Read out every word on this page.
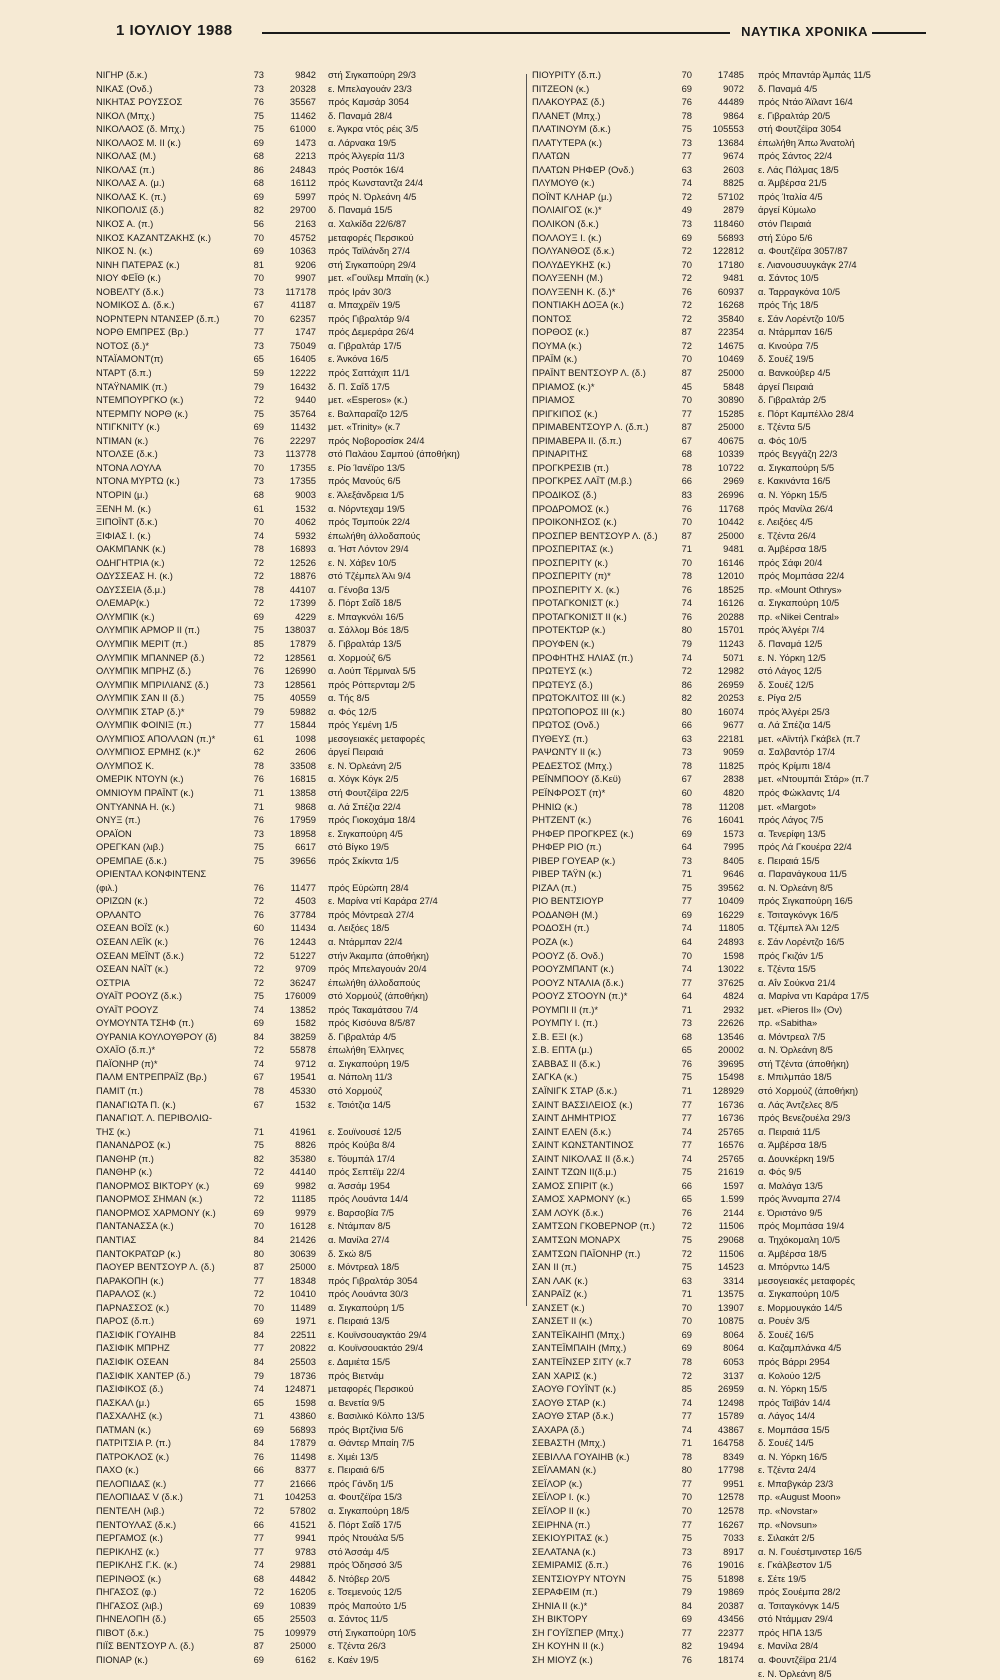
1 ΙΟΥΛΙΟΥ 1988	ΝΑΥΤΙΚΑ ΧΡΟΝΙΚΑ
ΝΙΓΗΡ (δ.κ.)	73	9842 στή Σιγκαπούρη 29/3
ΝΙΚΑΣ (Ονδ.)	73	20328 ε. Μπελαγουάν 23/3
ΝΙΚΗΤΑΣ ΡΟΥΣΣΟΣ	76	35567 πρός Καμσάρ 3054
ΝΙΚΟΛ (Μπχ.)	75	11462 δ. Παναμά 28/4
ΝΙΚΟΛΑΟΣ (δ. Μπχ.)	75	61000 ε. Άγκρα ντός ρέις 3/5
ΝΙΚΟΛΑΟΣ Μ. ΙΙ (κ.)	69	1473 α. Λάρνακα 19/5
ΝΙΚΟΛΑΣ (Μ.)	68	2213 πρός Άλγερία 11/3
ΝΙΚΟΛΑΣ (π.)	86	24843 πρός Ροστόκ 16/4
ΝΙΚΟΛΑΣ Α. (μ.)	68	16112 πρός Κωνσταντζα 24/4
ΝΙΚΟΛΑΣ Κ. (π.)	69	5997 πρός Ν. Όρλεάνη 4/5
ΝΙΚΟΠΟΛΙΣ (δ.)	82	29700 δ. Παναμά 15/5
ΝΙΚΟΣ Α. (π.)	56	2163 α. Χαλκίδα 22/6/87
ΝΙΚΟΣ ΚΑΖΑΝΤΖΑΚΗΣ (κ.)	70	45752 μεταφορές Περσικού
ΝΙΚΟΣ Ν. (κ.)	69	10363 πρός Ταϊλάνδη 27/4
ΝΙΝΗ ΠΑΤΕΡΑΣ (κ.)	81	9206 στή Σιγκαπούρη 29/4
ΝΙΟΥ ΦΕΪΘ (κ.)	70	9907 μετ. «Γουϊλεμ Μπαϊη (κ.)
ΝΟΒΕΛΤΥ (δ.κ.)	73	117178 πρός Ιράν 30/3
ΝΟΜΙΚΟΣ Δ. (δ.κ.)	67	41187 α. Μπαχρέϊν 19/5
ΝΟΡΝΤΕΡΝ ΝΤΑΝΣΕΡ (δ.π.)	70	62357 πρός Γιβραλτάρ 9/4
ΝΟΡΘ ΕΜΠΡΕΣ (Βρ.)	77	1747 πρός Δεμεράρα 26/4
ΝΟΤΟΣ (δ.)*	73	75049 α. Γιβραλτάρ 17/5
ΝΤΑΪΑΜΟΝΤ(π)	65	16405 ε. Άνκόνα 16/5
ΝΤΑΡΤ (δ.π.)	59	12222 πρός Σαττάχιπ 11/1
ΝΤΑΫΝΑΜΙΚ (π.)	79	16432 δ. Π. Σαΐδ 17/5
ΝΤΕΜΠΟΥΡΓΚΟ (κ.)	72	9440 μετ. «Esperos» (κ.)
ΝΤΕΡΜΠΥ ΝΟΡΘ (κ.)	75	35764 ε. Βαλπαραΐζο 12/5
ΝΤΙΓΚΝΙΤΥ (κ.)	69	11432 μετ. «Trinity» (κ.7
ΝΤΙΜΑΝ (κ.)	76	22297 πρός Νοβοροσίσκ 24/4
ΝΤΟΛΣΕ (δ.κ.)	73	113778 στό Παλάου Σαμπού (άποθήκη)
ΝΤΟΝΑ ΛΟΥΛΑ	70	17355 ε. Ρίο Ίανέϊρο 13/5
ΝΤΟΝΑ ΜΥΡΤΩ (κ.)	73	17355 πρός Μανούς 6/5
ΝΤΟΡΙΝ (μ.)	68	9003 ε. Άλεξάνδρεια 1/5
ΞΕΝΗ Μ. (κ.)	61	1532 α. Νόρντεχαμ 19/5
ΞΙΠΟΪΝΤ (δ.κ.)	70	4062 πρός Τσμπούκ 22/4
ΞΙΦΙΑΣ Ι. (κ.)	74	5932 έπωλήθη άλλοδαπούς
ΟΑΚΜΠΑΝΚ (κ.)	78	16893 α. Ήστ Λόντον 29/4
ΟΔΗΓΗΤΡΙΑ (κ.)	72	12526 ε. Ν. Χάβεν 10/5
ΟΔΥΣΣΕΑΣ Η. (κ.)	72	18876 στό Τζέμπελ Άλι 9/4
ΟΔΥΣΣΕΙΑ (δ.μ.)	78	44107 α. Γένοβα 13/5
ΟΛΕΜΑΡ(κ.)	72	17399 δ. Πόρτ Σαΐδ 18/5
ΟΛΥΜΠΙΚ (κ.)	69	4229 ε. Μπαγκνόλι 16/5
ΟΛΥΜΠΙΚ ΑΡΜΟΡ ΙΙ (π.)	75	138037 α. Σάλλομ Βόε 18/5
ΟΛΥΜΠΙΚ ΜΕΡΙΤ (π.)	85	17879 δ. Γιβραλτάρ 13/5
ΟΛΥΜΠΙΚ ΜΠΑΝΝΕΡ (δ.)	72	128561 α. Χορμούζ 6/5
ΟΛΥΜΠΙΚ ΜΠΡΗΖ (δ.)	76	126990 α. Λούπ Τέρμιναλ 5/5
ΟΛΥΜΠΙΚ ΜΠΡΙΛΙΑΝΣ (δ.)	73	128561 πρός Ρόττερνταμ 2/5
ΟΛΥΜΠΙΚ ΣΑΝ ΙΙ (δ.)	75	40559 α. Τής 8/5
ΟΛΥΜΠΙΚ ΣΤΑΡ (δ.)*	79	59882 α. Φός 12/5
ΟΛΥΜΠΙΚ ΦΟΙΝΙΞ (π.)	77	15844 πρός Υεμένη 1/5
ΟΛΥΜΠΙΟΣ ΑΠΟΛΛΩΝ (π.)*	61	1098 μεσογειακές μεταφορές
ΟΛΥΜΠΙΟΣ ΕΡΜΗΣ (κ.)*	62	2606 άργεί Πειραιά
ΟΛΥΜΠΟΣ Κ.	78	33508 ε. Ν. Όρλεάνη 2/5
ΟΜΕΡΙΚ ΝΤΟΥΝ (κ.)	76	16815 α. Χόγκ Κόγκ 2/5
ΟΜΝΙΟΥΜ ΠΡΑΪΝΤ (κ.)	71	13858 στή Φουτζέϊρα 22/5
ΟΝΤΥΑΝΝΑ Η. (κ.)	71	9868 α. Λά Σπέζια 22/4
ΟΝΥΞ (π.)	76	17959 πρός Γιοκοχάμα 18/4
ΟΡΑΪΟΝ	73	18958 ε. Σιγκαπούρη 4/5
ΟΡΕΓΚΑΝ (λιβ.)	75	6617 στό Βίγκο 19/5
ΟΡΕΜΠΑΕ (δ.κ.)	75	39656 πρός Σκίκντα 1/5
ΟΡΙΕΝΤΑΛ ΚΟΝΦΙΝΤΕΝΣ
(φιλ.)	76	11477 πρός Εύρώπη 28/4
ΟΡΙΖΩΝ (κ.)	72	4503 ε. Μαρίνα ντί Καράρα 27/4
ΟΡΛΑΝΤΟ	76	37784 πρός Μόντρεαλ 27/4
ΟΣΕΑΝ ΒΟΪΣ (κ.)	60	11434 α. Λειξόες 18/5
ΟΣΕΑΝ ΛΕΪΚ (κ.)	76	12443 α. Ντάρμπαν 22/4
ΟΣΕΑΝ ΜΕΪΝΤ (δ.κ.)	72	51227 στήν Άκαμπα (άποθήκη)
ΟΣΕΑΝ ΝΑΪΤ (κ.)	72	9709 πρός Μπελαγουάν 20/4
ΟΣΤΡΙΑ	72	36247 έπωλήθη άλλοδαπούς
ΟΥΑΪΤ ΡΟΟΥΖ (δ.κ.)	75	176009 στό Χορμούζ (άποθήκη)
ΟΥΑΪΤ ΡΟΟΥΖ	74	13852 πρός Τακαμάτσου 7/4
ΟΥΜΟΥΝΤΑ ΤΣΗΦ (π.)	69	1582 πρός Κισόυνα 8/5/87
ΟΥΡΑΝΙΑ ΚΟΥΛΟΥΘΡΟΥ (δ)	84	38259 δ. Γιβραλτάρ 4/5
ΟΧΑΪΟ (δ.π.)*	72	55878 έπωλήθη Έλληνες
ΠΑΪΟΝΗΡ (π)*	74	9712 α. Σιγκαπούρη 19/5
ΠΑΛΜ ΕΝΤΡΕΠΡΑΪΖ (Βρ.)	67	19541 α. Νάπολη 11/3
ΠΑΜΙΤ (π.)	78	45330 στό Χορμούζ
ΠΑΝΑΓΙΩΤΑ Π. (κ.)	67	1532 ε. Τσιότζια 14/5
ΠΑΝΑΓΙΩΤ. Λ. ΠΕΡΙΒΟΛΙΩ-
ΤΗΣ (κ.)	71	41961 ε. Σουϊνουσέ 12/5
ΠΑΝΑΝΔΡΟΣ (κ.)	75	8826 πρός Κούβα 8/4
ΠΑΝΘΗΡ (π.)	82	35380 ε. Τόυμπάλ 17/4
ΠΑΝΘΗΡ (κ.)	72	44140 πρός Σεπτέϊμ 22/4
ΠΑΝΟΡΜΟΣ ΒΙΚΤΟΡΥ (κ.)	69	9982 α. Άσσάμ 1954
ΠΑΝΟΡΜΟΣ ΣΗΜΑΝ (κ.)	72	11185 πρός Λουάντα 14/4
ΠΑΝΟΡΜΟΣ ΧΑΡΜΟΝΥ (κ.)	69	9979 ε. Βαρσοβία 7/5
ΠΑΝΤΑΝΑΣΣΑ (κ.)	70	16128 ε. Ντάμπαν 8/5
ΠΑΝΤΙΑΣ	84	21426 α. Μανίλα 27/4
ΠΑΝΤΟΚΡΑΤΩΡ (κ.)	80	30639 δ. Σκώ 8/5
ΠΑΟΥΕΡ ΒΕΝΤΣΟΥΡ Λ. (δ.)	87	25000 ε. Μόντρεαλ 18/5
ΠΑΡΑΚΟΠΗ (κ.)	77	18348 πρός Γιβραλτάρ 3054
ΠΑΡΑΛΟΣ (κ.)	72	10410 πρός Λουάντα 30/3
ΠΑΡΝΑΣΣΟΣ (κ.)	70	11489 α. Σιγκαπούρη 1/5
ΠΑΡΟΣ (δ.π.)	69	1971 ε. Πειραιά 13/5
ΠΑΣΙΦΙΚ ΓΟΥΑΙΗΒ	84	22511 ε. Κουϊνσουαγκτάο 29/4
ΠΑΣΙΦΙΚ ΜΠΡΗΖ	77	20822 α. Κουϊνσουακτάο 29/4
ΠΑΣΙΦΙΚ ΟΣΕΑΝ	84	25503 ε. Δαμιέτα 15/5
ΠΑΣΙΦΙΚ ΧΑΝΤΕΡ (δ.)	79	18736 πρός Βιετνάμ
ΠΑΣΙΦΙΚΟΣ (δ.)	74	124871 μεταφορές Περσικού
ΠΑΣΚΑΛ (μ.)	65	1598 α. Βενετία 9/5
ΠΑΣΧΑΛΗΣ (κ.)	71	43860 ε. Βασιλικό Κόλπο 13/5
ΠΑΤΜΑΝ (κ.)	69	56893 πρός Βιρτζίνια 5/6
ΠΑΤΡΙΤΣΙΑ Ρ. (π.)	84	17879 α. Θάντερ Μπαίη 7/5
ΠΑΤΡΟΚΛΟΣ (κ.)	76	11498 ε. Χιμέι 13/5
ΠΑΧΟ (κ.)	66	8377 ε. Πειραιά 6/5
ΠΕΛΟΠΙΔΑΣ (κ.)	77	21666 πρός Γάνδη 1/5
ΠΕΛΟΠΙΔΑΣ V (δ.κ.)	71	104253 α. Φουτζέϊρα 15/3
ΠΕΝΤΕΛΗ (λιβ.)	72	57802 α. Σιγκαπούρη 18/5
ΠΕΝΤΟΥΛΑΣ (δ.κ.)	66	41521 δ. Πόρτ Σαΐδ 17/5
ΠΕΡΓΑΜΟΣ (κ.)	77	9941 πρός Ντουάλα 5/5
ΠΕΡΙΚΛΗΣ (κ.)	77	9783 στό Άσσάμ 4/5
ΠΕΡΙΚΛΗΣ Γ.Κ. (κ.)	74	29881 πρός Όδησσό 3/5
ΠΕΡΙΝΘΟΣ (κ.)	68	44842 δ. Ντόβερ 20/5
ΠΗΓΑΣΟΣ (φ.)	72	16205 ε. Τσεμενούς 12/5
ΠΗΓΑΣΟΣ (λιβ.)	69	10839 πρός Μαπούτο 1/5
ΠΗΝΕΛΟΠΗ (δ.)	65	25503 α. Σάντος 11/5
ΠΙΒΟΤ (δ.κ.)	75	109979 στή Σιγκαπούρη 10/5
ΠΙΪΣ ΒΕΝΤΣΟΥΡ Λ. (δ.)	87	25000 ε. Τζέντα 26/3
ΠΙΟΝΑΡ (κ.)	69	6162 ε. Καέν 19/5
ΠΙΟΥΡΙΤΥ (δ.π.)	70	17485 πρός Μπαντάρ Άμπάς 11/5
ΠΙΤΖΕΟΝ (κ.)	69	9072 δ. Παναμά 4/5
ΠΛΑΚΟΥΡΑΣ (δ.)	76	44489 πρός Ντάο Άϊλαντ 16/4
ΠΛΑΝΕΤ (Μπχ.)	78	9864 ε. Γιβραλτάρ 20/5
ΠΛΑΤΙΝΟΥΜ (δ.κ.)	75	105553 στή Φουτζέϊρα 3054
ΠΛΑΤΥΤΕΡΑ (κ.)	73	13684 έπωλήθη Άπω Άνατολή
ΠΛΑΤΩΝ	77	9674 πρός Σάντος 22/4
ΠΛΑΤΩΝ ΡΗΦΕΡ (Ονδ.)	63	2603 ε. Λάς Πάλμας 18/5
ΠΛΥΜΟΥΘ (κ.)	74	8825 α. Άμβέρσα 21/5
ΠΟΪΝΤ ΚΛΗΑΡ (μ.)	72	57102 πρός Ίταλία 4/5
ΠΟΛΙΑΙΓΟΣ (κ.)*	49	2879 άργεί Κύμωλο
ΠΟΛΙΚΟΝ (δ.κ.)	73	118460 στόν Πειραιά
ΠΟΛΛΟΥΞ Ι. (κ.)	69	56893 στή Σύρο 5/6
ΠΟΛΥΑΝΘΟΣ (δ.κ.)	72	122812 α. Φουτζέϊρα 3057/87
ΠΟΛΥΔΕΥΚΗΣ (κ.)	70	17180 ε. Λιανουσυυγκάγκ 27/4
ΠΟΛΥΞΕΝΗ (Μ.)	72	9481 α. Σάντος 10/5
ΠΟΛΥΞΕΝΗ Κ. (δ.)*	76	60937 α. Ταρραγκόνα 10/5
ΠΟΝΤΙΑΚΗ ΔΟΞΑ (κ.)	72	16268 πρός Τής 18/5
ΠΟΝΤΟΣ	72	35840 ε. Σάν Λορέντζο 10/5
ΠΟΡΘΟΣ (κ.)	87	22354 α. Ντάρμπαν 16/5
ΠΟΥΜΑ (κ.)	72	14675 α. Κινούρα 7/5
ΠΡΑΪΜ (κ.)	70	10469 δ. Σουέζ 19/5
ΠΡΑΪΝΤ ΒΕΝΤΣΟΥΡ Λ. (δ.)	87	25000 α. Βανκούβερ 4/5
ΠΡΙΑΜΟΣ (κ.)*	45	5848 άργεί Πειραιά
ΠΡΙΑΜΟΣ	70	30890 δ. Γιβραλτάρ 2/5
ΠΡΙΓΚΙΠΟΣ (κ.)	77	15285 ε. Πόρτ Καμπέλλο 28/4
ΠΡΙΜΑΒΕΝΤΣΟΥΡ Λ. (δ.π.)	87	25000 ε. Τζέντα 5/5
ΠΡΙΜΑΒΕΡΑ ΙΙ. (δ.π.)	67	40675 α. Φός 10/5
ΠΡΙΝΑΡΙΤΗΣ	68	10339 πρός Βεγγάζη 22/3
ΠΡΟΓΚΡΕΣΙΒ (π.)	78	10722 α. Σιγκαπούρη 5/5
ΠΡΟΓΚΡΕΣ ΛΑΪΤ (Μ.β.)	66	2969 ε. Κακινάντα 16/5
ΠΡΟΔΙΚΟΣ (δ.)	83	26996 α. Ν. Υόρκη 15/5
ΠΡΟΔΡΟΜΟΣ (κ.)	76	11768 πρός Μανίλα 26/4
ΠΡΟΙΚΟΝΗΣΟΣ (κ.)	70	10442 ε. Λειξόες 4/5
ΠΡΟΣΠΕΡ ΒΕΝΤΣΟΥΡ Λ. (δ.)	87	25000 ε. Τζέντα 26/4
ΠΡΟΣΠΕΡΙΤΑΣ (κ.)	71	9481 α. Άμβέρσα 18/5
ΠΡΟΣΠΕΡΙΤΥ (κ.)	70	16146 πρός Σάφι 20/4
ΠΡΟΣΠΕΡΙΤΥ (π)*	78	12010 πρός Μομπάσα 22/4
ΠΡΟΣΠΕΡΙΤΥ Χ. (κ.)	76	18525 πρ. «Mount Othrys»
ΠΡΟΤΑΓΚΟΝΙΣΤ (κ.)	74	16126 α. Σιγκαπούρη 10/5
ΠΡΟΤΑΓΚΟΝΙΣΤ ΙΙ (κ.)	76	20288 πρ. «Nikei Central»
ΠΡΟΤΕΚΤΩΡ (κ.)	80	15701 πρός Άλγέρι 7/4
ΠΡΟΥΦΕΝ (κ.)	79	11243 δ. Παναμά 12/5
ΠΡΟΦΗΤΗΣ ΗΛΙΑΣ (π.)	74	5071 ε. Ν. Υόρκη 12/5
ΠΡΩΤΕΥΣ (κ.)	72	12982 στό Λάγος 12/5
ΠΡΩΤΕΥΣ (δ.)	86	26959 δ. Σουέζ 12/5
ΠΡΩΤΟΚΛΙΤΟΣ ΙΙΙ (κ.)	82	20253 ε. Ρίγα 2/5
ΠΡΩΤΟΠΟΡΟΣ ΙΙΙ (κ.)	80	16074 πρός Άλγέρι 25/3
ΠΡΩΤΟΣ (Ονδ.)	66	9677 α. Λά Σπέζια 14/5
ΠΥΘΕΥΣ (π.)	63	22181 μετ. «Αϊντήλ Γκάβελ (π.7
ΡΑΨΩΝΤΥ ΙΙ (κ.)	73	9059 α. Σαλβαντόρ 17/4
ΡΕΔΕΣΤΟΣ (Μπχ.)	78	11825 πρός Κρίμπι 18/4
ΡΕΪΝΜΠΟΟΥ (δ.Κεϋ)	67	2838 μετ. «Ντουμπάι Στάρ» (π.7
ΡΕΪΝΦΡΟΣΤ (π)*	60	4820 πρός Φώκλαντς 1/4
ΡΗΝΙΩ (κ.)	78	11208 μετ. «Margot»
ΡΗΤΖΕΝΤ (κ.)	76	16041 πρός Λάγος 7/5
ΡΗΦΕΡ ΠΡΟΓΚΡΕΣ (κ.)	69	1573 α. Τενερίφη 13/5
ΡΗΦΕΡ ΡΙΟ (π.)	64	7995 πρός Λά Γκουέρα 22/4
ΡΙΒΕΡ ΓΟΥΕΑΡ (κ.)	73	8405 ε. Πειραιά 15/5
ΡΙΒΕΡ ΤΑΫΝ (κ.)	71	9646 α. Παρανάγκουα 11/5
ΡΙΖΑΛ (π.)	75	39562 α. Ν. Όρλεάνη 8/5
ΡΙΟ ΒΕΝΤΣΙΟΥΡ	77	10409 πρός Σιγκαπούρη 16/5
ΡΟΔΑΝΘΗ (Μ.)	69	16229 ε. Τσιταγκόνγκ 16/5
ΡΟΔΟΣΗ (π.)	74	11805 α. Τζέμπελ Άλι 12/5
ΡΟΖΑ (κ.)	64	24893 ε. Σάν Λορέντζο 16/5
ΡΟΟΥΖ (δ. Ονδ.)	70	1598 πρός Γκιζάν 1/5
ΡΟΟΥΖΜΠΑΝΤ (κ.)	74	13022 ε. Τζέντα 15/5
ΡΟΟΥΖ ΝΤΑΛΙΑ (δ.κ.)	77	37625 α. Αΐν Σούκνα 21/4
ΡΟΟΥΖ ΣΤΟΟΥΝ (π.)*	64	4824 α. Μαρίνα ντι Καράρα 17/5
ΡΟΥΜΠΙ ΙΙ (π.)*	71	2932 μετ. «Pieros II» (Ον)
ΡΟΥΜΠΥ Ι. (π.)	73	22626 πρ. «Sabitha»
Σ.Β. ΕΞΙ (κ.)	68	13546 α. Μόντρεαλ 7/5
Σ.Β. ΕΠΤΑ (μ.)	65	20002 α. Ν. Όρλεάνη 8/5
ΣΑΒΒΑΣ ΙΙ (δ.κ.)	76	39695 στή Τζέντα (άποθήκη)
ΣΑΓΚΑ (κ.)	75	15498 ε. Μπιλμπάο 18/5
ΣΑΪΝΙΓΚ ΣΤΑΡ (δ.κ.)	71	128929 στό Χορμούζ (άποθήκη)
ΣΑΙΝΤ ΒΑΣΣΙΛΕΙΟΣ (κ.)	77	16736 α. Λάς Άντζελες 8/5
ΣΑΙΝΤ ΔΗΜΗΤΡΙΟΣ	77	16736 πρός Βενεζουέλα 29/3
ΣΑΙΝΤ ΕΛΕΝ (δ.κ.)	74	25765 α. Πειραιά 11/5
ΣΑΙΝΤ ΚΩΝΣΤΑΝΤΙΝΟΣ	77	16576 α. Άμβέρσα 18/5
ΣΑΙΝΤ ΝΙΚΟΛΑΣ ΙΙ (δ.κ.)	74	25765 α. Δουνκέρκη 19/5
ΣΑΙΝΤ ΤΖΩΝ ΙΙ(δ.μ.)	75	21619 α. Φός 9/5
ΣΑΜΟΣ ΣΠΙΡΙΤ (κ.)	66	1597 α. Μαλάγα 13/5
ΣΑΜΟΣ ΧΑΡΜΟΝΥ (κ.)	65	1.599 πρός Άνναμπα 27/4
ΣΑΜ ΛΟΥΚ (δ.κ.)	76	2144 ε. Όριστάνο 9/5
ΣΑΜΤΣΩΝ ΓΚΟΒΕΡΝΟΡ (π.)	72	11506 πρός Μομπάσα 19/4
ΣΑΜΤΣΩΝ ΜΟΝΑΡΧ	75	29068 α. Τηχόκομαλη 10/5
ΣΑΜΤΣΩΝ ΠΑΪΟΝΗΡ (π.)	72	11506 α. Άμβέρσα 18/5
ΣΑΝ ΙΙ (π.)	75	14523 α. Μπόρντω 14/5
ΣΑΝ ΛΑΚ (κ.)	63	3314 μεσογειακές μεταφορές
ΣΑΝΡΑΪΖ (κ.)	71	13575 α. Σιγκαπούρη 10/5
ΣΑΝΣΕΤ (κ.)	70	13907 ε. Μορμουγκάο 14/5
ΣΑΝΣΕΤ ΙΙ (κ.)	70	10875 α. Ρουέν 3/5
ΣΑΝΤΕΪΚΑΙΗΠ (Μπχ.)	69	8064 δ. Σουέζ 16/5
ΣΑΝΤΕΪΜΠΑΙΗ (Μπχ.)	69	8064 α. Καζαμπλάνκα 4/5
ΣΑΝΤΕΪΝΣΕΡ ΣΙΤΥ (κ.7	78	6053 πρός Βάρρι 2954
ΣΑΝ ΧΑΡΙΣ (κ.)	72	3137 α. Κολούο 12/5
ΣΑΟΥΘ ΓΟΥΪΝΤ (κ.)	85	26959 α. Ν. Υόρκη 15/5
ΣΑΟΥΘ ΣΤΑΡ (κ.)	74	12498 πρός Ταϊβάν 14/4
ΣΑΟΥΘ ΣΤΑΡ (δ.κ.)	77	15789 α. Λάγος 14/4
ΣΑΧΑΡΑ (δ.)	74	43867 ε. Μομπάσα 15/5
ΣΕΒΑΣΤΗ (Μπχ.)	71	164758 δ. Σουέζ 14/5
ΣΕΒΙΛΛΑ ΓΟΥΑΙΗΒ (κ.)	78	8349 α. Ν. Υόρκη 16/5
ΣΕΪΛΑΜΑΝ (κ.)	80	17798 ε. Τζέντα 24/4
ΣΕΪΛΟΡ (κ.)	77	9951 ε. Μπαβγκάρ 23/3
ΣΕΪΛΟΡ Ι. (κ.)	70	12578 πρ. «August Moon»
ΣΕΪΛΟΡ ΙΙ (κ.)	70	12578 πρ. «Novstar»
ΣΕΙΡΗΝΑ (π.)	77	16267 πρ. «Novsun»
ΣΕΚΙΟΥΡΙΤΑΣ (κ.)	75	7033 ε. Σιλακάτ 2/5
ΣΕΛΑΤΑΝΑ (κ.)	73	8917 α. Ν. Γουέστμινστερ 16/5
ΣΕΜΙΡΑΜΙΣ (δ.π.)	76	19016 ε. Γκάλβεστον 1/5
ΣΕΝΤΣΙΟΥΡΥ ΝΤΟΥΝ	75	51898 ε. Σέτε 19/5
ΣΕΡΑΦΕΙΜ (π.)	79	19869 πρός Σουέμπα 28/2
ΣΗΝΙΑ ΙΙ (κ.)*	84	20387 α. Τσιταγκόνγκ 14/5
ΣΗ ΒΙΚΤΟΡΥ	69	43456 στό Ντάμμαν 29/4
ΣΗ ΓΟΥΪΣΠΕΡ (Μπχ.)	77	22377 πρός ΗΠΑ 13/5
ΣΗ ΚΟΥΗΝ ΙΙ (κ.)	82	19494 ε. Μανίλα 28/4
ΣΗ ΜΙΟΥΖ (κ.)	76	18174 α. Φουντζέϊρα 21/4
ε. Ν. Όρλεάνη 8/5
